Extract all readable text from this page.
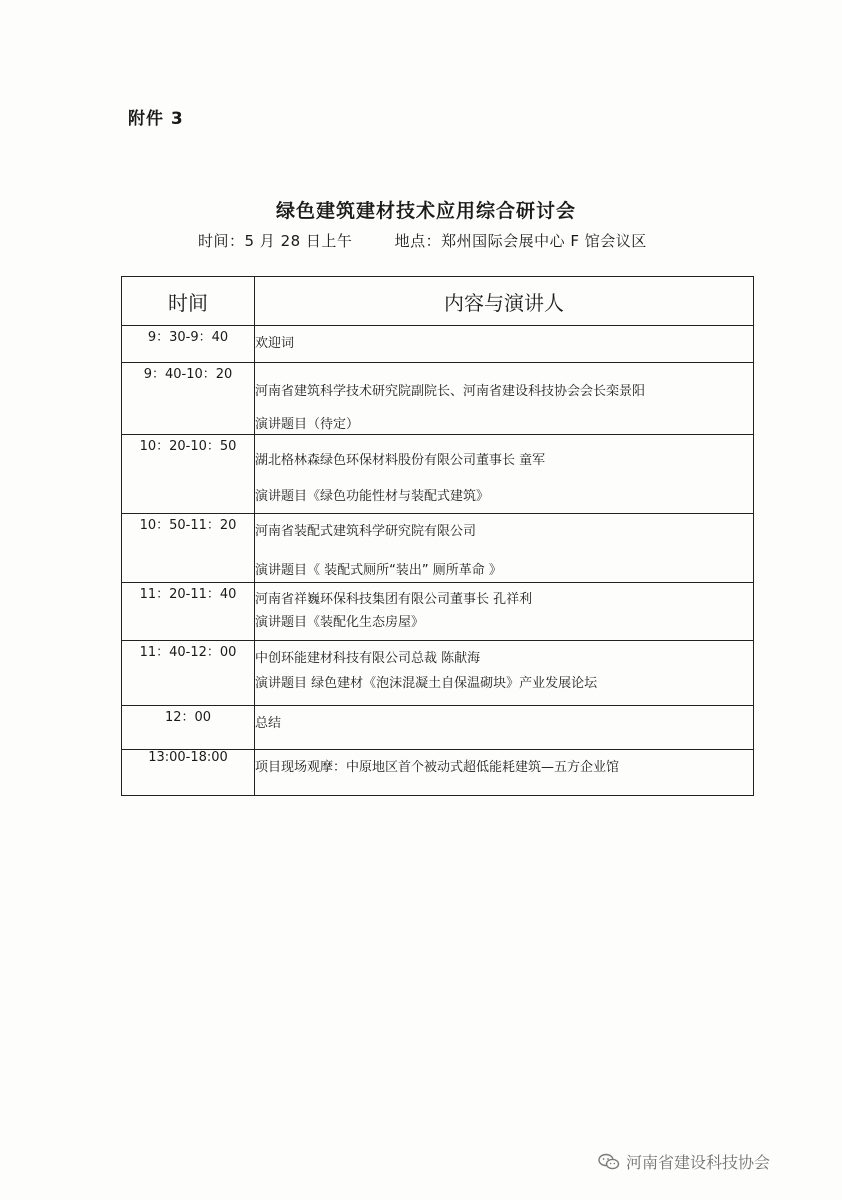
附件 3
绿色建筑建材技术应用综合研讨会
时间：5 月 28 日上午        地点：郑州国际会展中心 F 馆会议区
时间	内容与演讲人
9：30-9：40	欢迎词

9：40-10：20	河南省建筑科学技术研究院副院长、河南省建设科技协会会长栾景阳
演讲题目（待定）

10：20-10：50	湖北格林森绿色环保材料股份有限公司董事长 童军
演讲题目《绿色功能性材与装配式建筑》

10：50-11：20	河南省装配式建筑科学研究院有限公司
演讲题目《 装配式厕所“装出” 厕所革命 》

11：20-11：40	河南省祥巍环保科技集团有限公司董事长 孔祥利
演讲题目《装配化生态房屋》

11：40-12：00	中创环能建材科技有限公司总裁 陈献海
演讲题目 绿色建材《泡沫混凝土自保温砌块》产业发展论坛

12：00	总结

13:00-18:00	项目现场观摩：中原地区首个被动式超低能耗建筑—五方企业馆
河南省建设科技协会
